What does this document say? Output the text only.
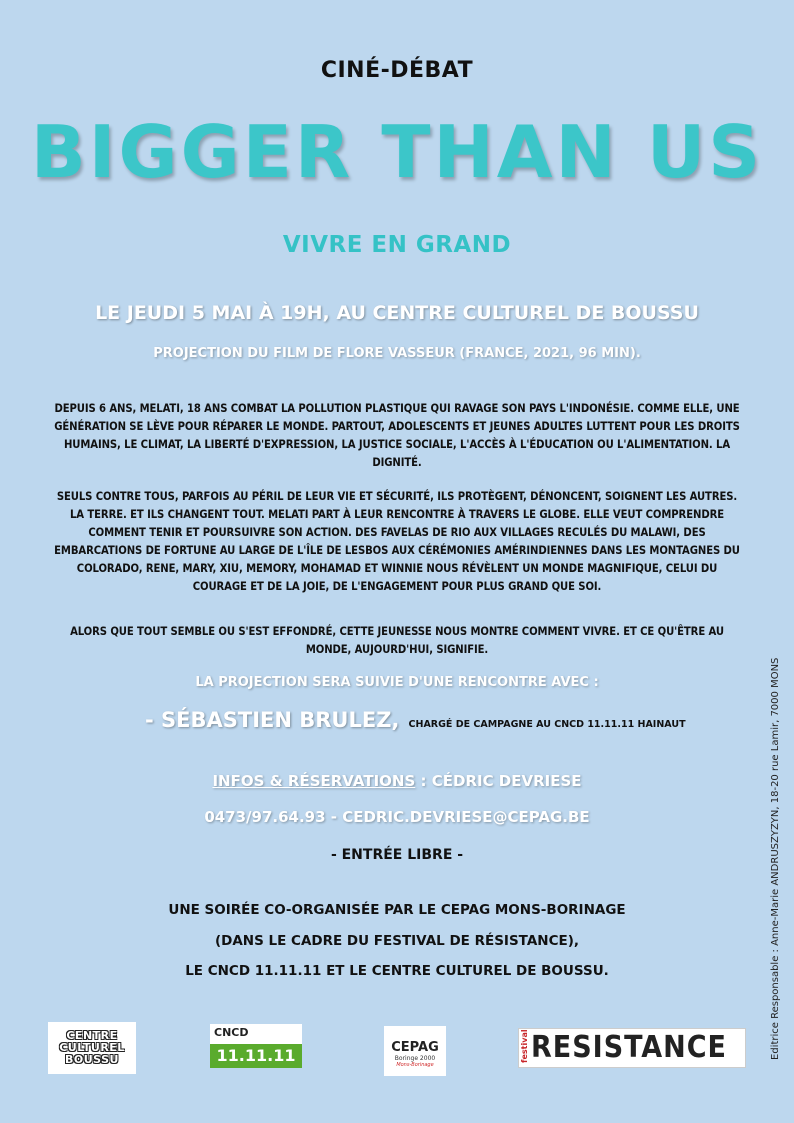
CINÉ-DÉBAT
BIGGER THAN US
VIVRE EN GRAND
LE JEUDI 5 MAI À 19H, AU CENTRE CULTUREL DE BOUSSU
PROJECTION DU FILM DE FLORE VASSEUR (FRANCE, 2021, 96 MIN).
DEPUIS 6 ANS, MELATI, 18 ANS COMBAT LA POLLUTION PLASTIQUE QUI RAVAGE SON PAYS L'INDONÉSIE. COMME ELLE, UNE GÉNÉRATION SE LÈVE POUR RÉPARER LE MONDE. PARTOUT, ADOLESCENTS ET JEUNES ADULTES LUTTENT POUR LES DROITS HUMAINS, LE CLIMAT, LA LIBERTÉ D'EXPRESSION, LA JUSTICE SOCIALE, L'ACCÈS À L'ÉDUCATION OU L'ALIMENTATION. LA DIGNITÉ.
SEULS CONTRE TOUS, PARFOIS AU PÉRIL DE LEUR VIE ET SÉCURITÉ, ILS PROTÈGENT, DÉNONCENT, SOIGNENT LES AUTRES. LA TERRE. ET ILS CHANGENT TOUT. MELATI PART À LEUR RENCONTRE À TRAVERS LE GLOBE. ELLE VEUT COMPRENDRE COMMENT TENIR ET POURSUIVRE SON ACTION. DES FAVELAS DE RIO AUX VILLAGES RECULÉS DU MALAWI, DES EMBARCATIONS DE FORTUNE AU LARGE DE L'ÎLE DE LESBOS AUX CÉRÉMONIES AMÉRINDIENNES DANS LES MONTAGNES DU COLORADO, RENE, MARY, XIU, MEMORY, MOHAMAD ET WINNIE NOUS RÉVÈLENT UN MONDE MAGNIFIQUE, CELUI DU COURAGE ET DE LA JOIE, DE L'ENGAGEMENT POUR PLUS GRAND QUE SOI.
ALORS QUE TOUT SEMBLE OU S'EST EFFONDRÉ, CETTE JEUNESSE NOUS MONTRE COMMENT VIVRE. ET CE QU'ÊTRE AU MONDE, AUJOURD'HUI, SIGNIFIE.
LA PROJECTION SERA SUIVIE D'UNE RENCONTRE AVEC :
- SÉBASTIEN BRULEZ, CHARGÉ DE CAMPAGNE AU CNCD 11.11.11 HAINAUT
INFOS & RÉSERVATIONS : CÉDRIC DEVRIESE
0473/97.64.93 - CEDRIC.DEVRIESE@CEPAG.BE
- ENTRÉE LIBRE -
UNE SOIRÉE CO-ORGANISÉE PAR LE CEPAG MONS-BORINAGE
(DANS LE CADRE DU FESTIVAL DE RÉSISTANCE),
LE CNCD 11.11.11 ET LE CENTRE CULTUREL DE BOUSSU.	Editrice Responsable : Anne-Marie ANDRUSZYZYN, 18-20 rue Lamir, 7000 MONS
CENTRE
CULTUREL
BOUSSU
CNCD
11.11.11	CEPAG
Boringe 2000
Mons-Borinage
festival RESISTANCE
